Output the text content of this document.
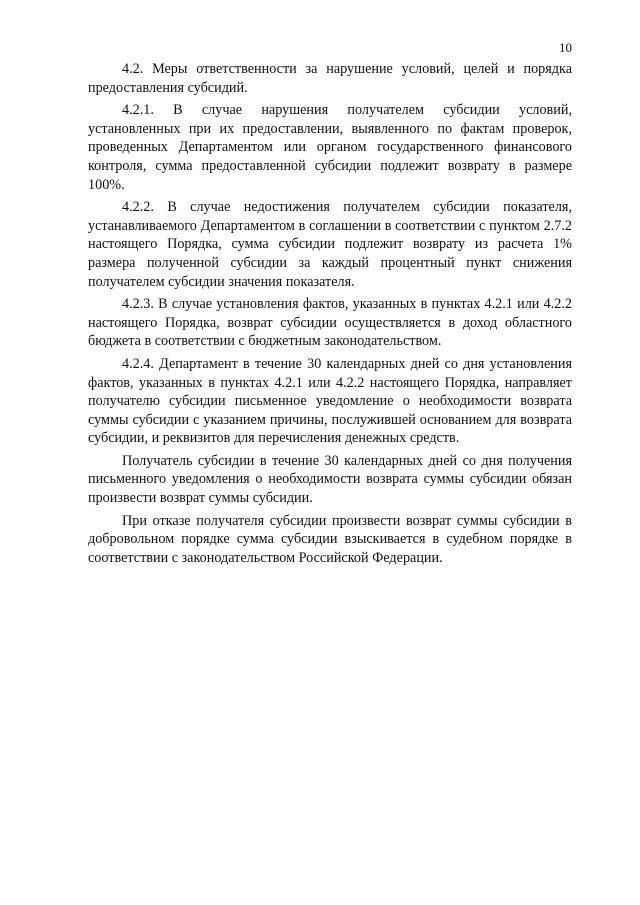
10

4.2. Меры ответственности за нарушение условий, целей и порядка предоставления субсидий.

4.2.1. В случае нарушения получателем субсидии условий, установленных при их предоставлении, выявленного по фактам проверок, проведенных Департаментом или органом государственного финансового контроля, сумма предоставленной субсидии подлежит возврату в размере 100%.

4.2.2. В случае недостижения получателем субсидии показателя, устанавливаемого Департаментом в соглашении в соответствии с пунктом 2.7.2 настоящего Порядка, сумма субсидии подлежит возврату из расчета 1% размера полученной субсидии за каждый процентный пункт снижения получателем субсидии значения показателя.

4.2.3. В случае установления фактов, указанных в пунктах 4.2.1 или 4.2.2 настоящего Порядка, возврат субсидии осуществляется в доход областного бюджета в соответствии с бюджетным законодательством.

4.2.4. Департамент в течение 30 календарных дней со дня установления фактов, указанных в пунктах 4.2.1 или 4.2.2 настоящего Порядка, направляет получателю субсидии письменное уведомление о необходимости возврата суммы субсидии с указанием причины, послужившей основанием для возврата субсидии, и реквизитов для перечисления денежных средств.

Получатель субсидии в течение 30 календарных дней со дня получения письменного уведомления о необходимости возврата суммы субсидии обязан произвести возврат суммы субсидии.

При отказе получателя субсидии произвести возврат суммы субсидии в добровольном порядке сумма субсидии взыскивается в судебном порядке в соответствии с законодательством Российской Федерации.
